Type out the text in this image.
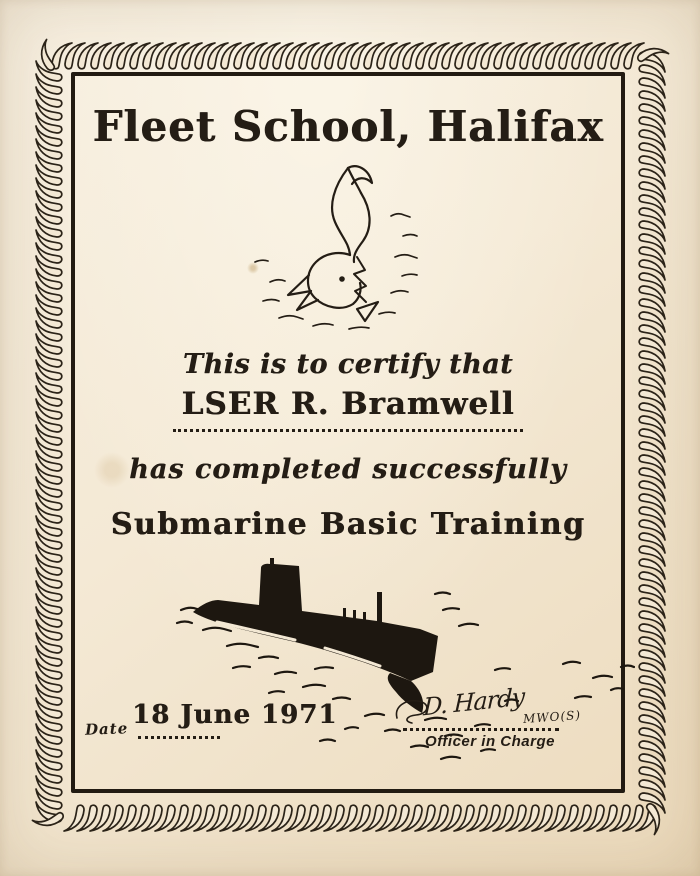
Fleet School, Halifax
This is to certify that
LSER R. Bramwell
has completed successfully
Submarine Basic Training
Date 18 June 1971	D. Hardy
MWO(S)
Officer in Charge
